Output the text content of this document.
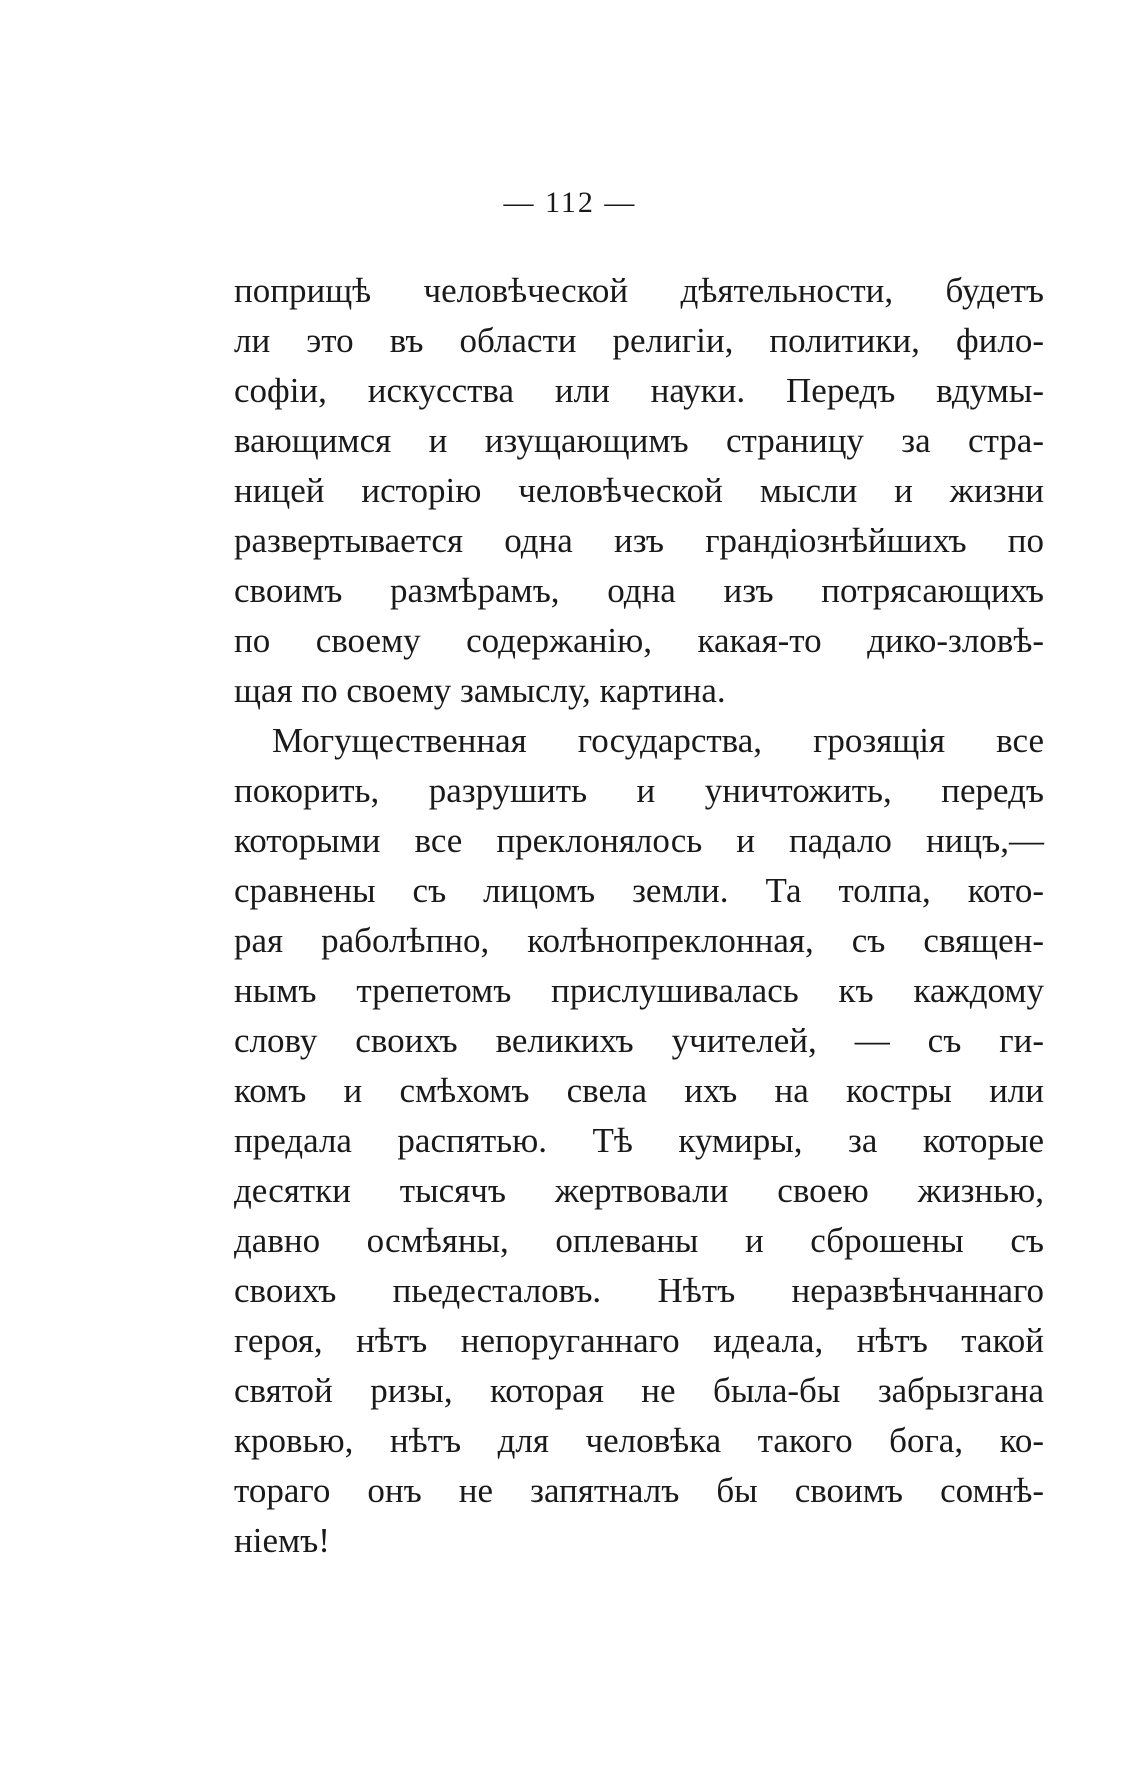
— 112 —
поприщѣ человѣческой дѣятельности, будетъ
ли это въ области религіи, политики, фило-
софіи, искусства или науки. Передъ вдумы-
вающимся и изущающимъ страницу за стра-
ницей исторію человѣческой мысли и жизни
развертывается одна изъ грандіознѣйшихъ по
своимъ размѣрамъ, одна изъ потрясающихъ
по своему содержанію, какая-то дико-зловѣ-
щая по своему замыслу, картина.
Могущественная государства, грозящія все
покорить, разрушить и уничтожить, передъ
которыми все преклонялось и падало ницъ,—
сравнены съ лицомъ земли. Та толпа, кото-
рая раболѣпно, колѣнопреклонная, съ священ-
нымъ трепетомъ прислушивалась къ каждому
слову своихъ великихъ учителей, — съ ги-
комъ и смѣхомъ свела ихъ на костры или
предала распятью. Тѣ кумиры, за которые
десятки тысячъ жертвовали своею жизнью,
давно осмѣяны, оплеваны и сброшены съ
своихъ пьедесталовъ. Нѣтъ неразвѣнчаннаго
героя, нѣтъ непоруганнаго идеала, нѣтъ такой
святой ризы, которая не была-бы забрызгана
кровью, нѣтъ для человѣка такого бога, ко-
тораго онъ не запятналъ бы своимъ сомнѣ-
ніемъ!
